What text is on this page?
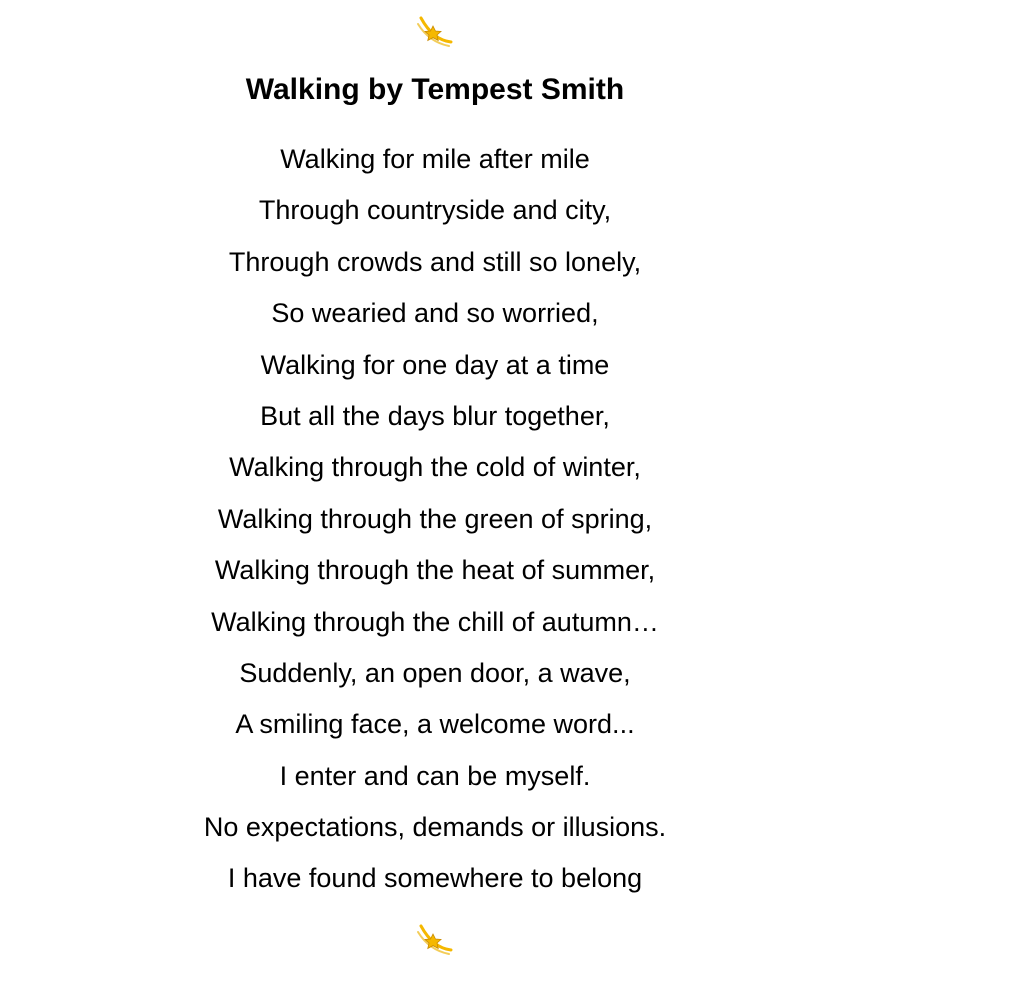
Walking by Tempest Smith
Walking for mile after mile
Through countryside and city,
Through crowds and still so lonely,
So wearied and so worried,
Walking for one day at a time
But all the days blur together,
Walking through the cold of winter,
Walking through the green of spring,
Walking through the heat of summer,
Walking through the chill of autumn…
Suddenly, an open door, a wave,
A smiling face, a welcome word...
I enter and can be myself.
No expectations, demands or illusions.
I have found somewhere to belong
